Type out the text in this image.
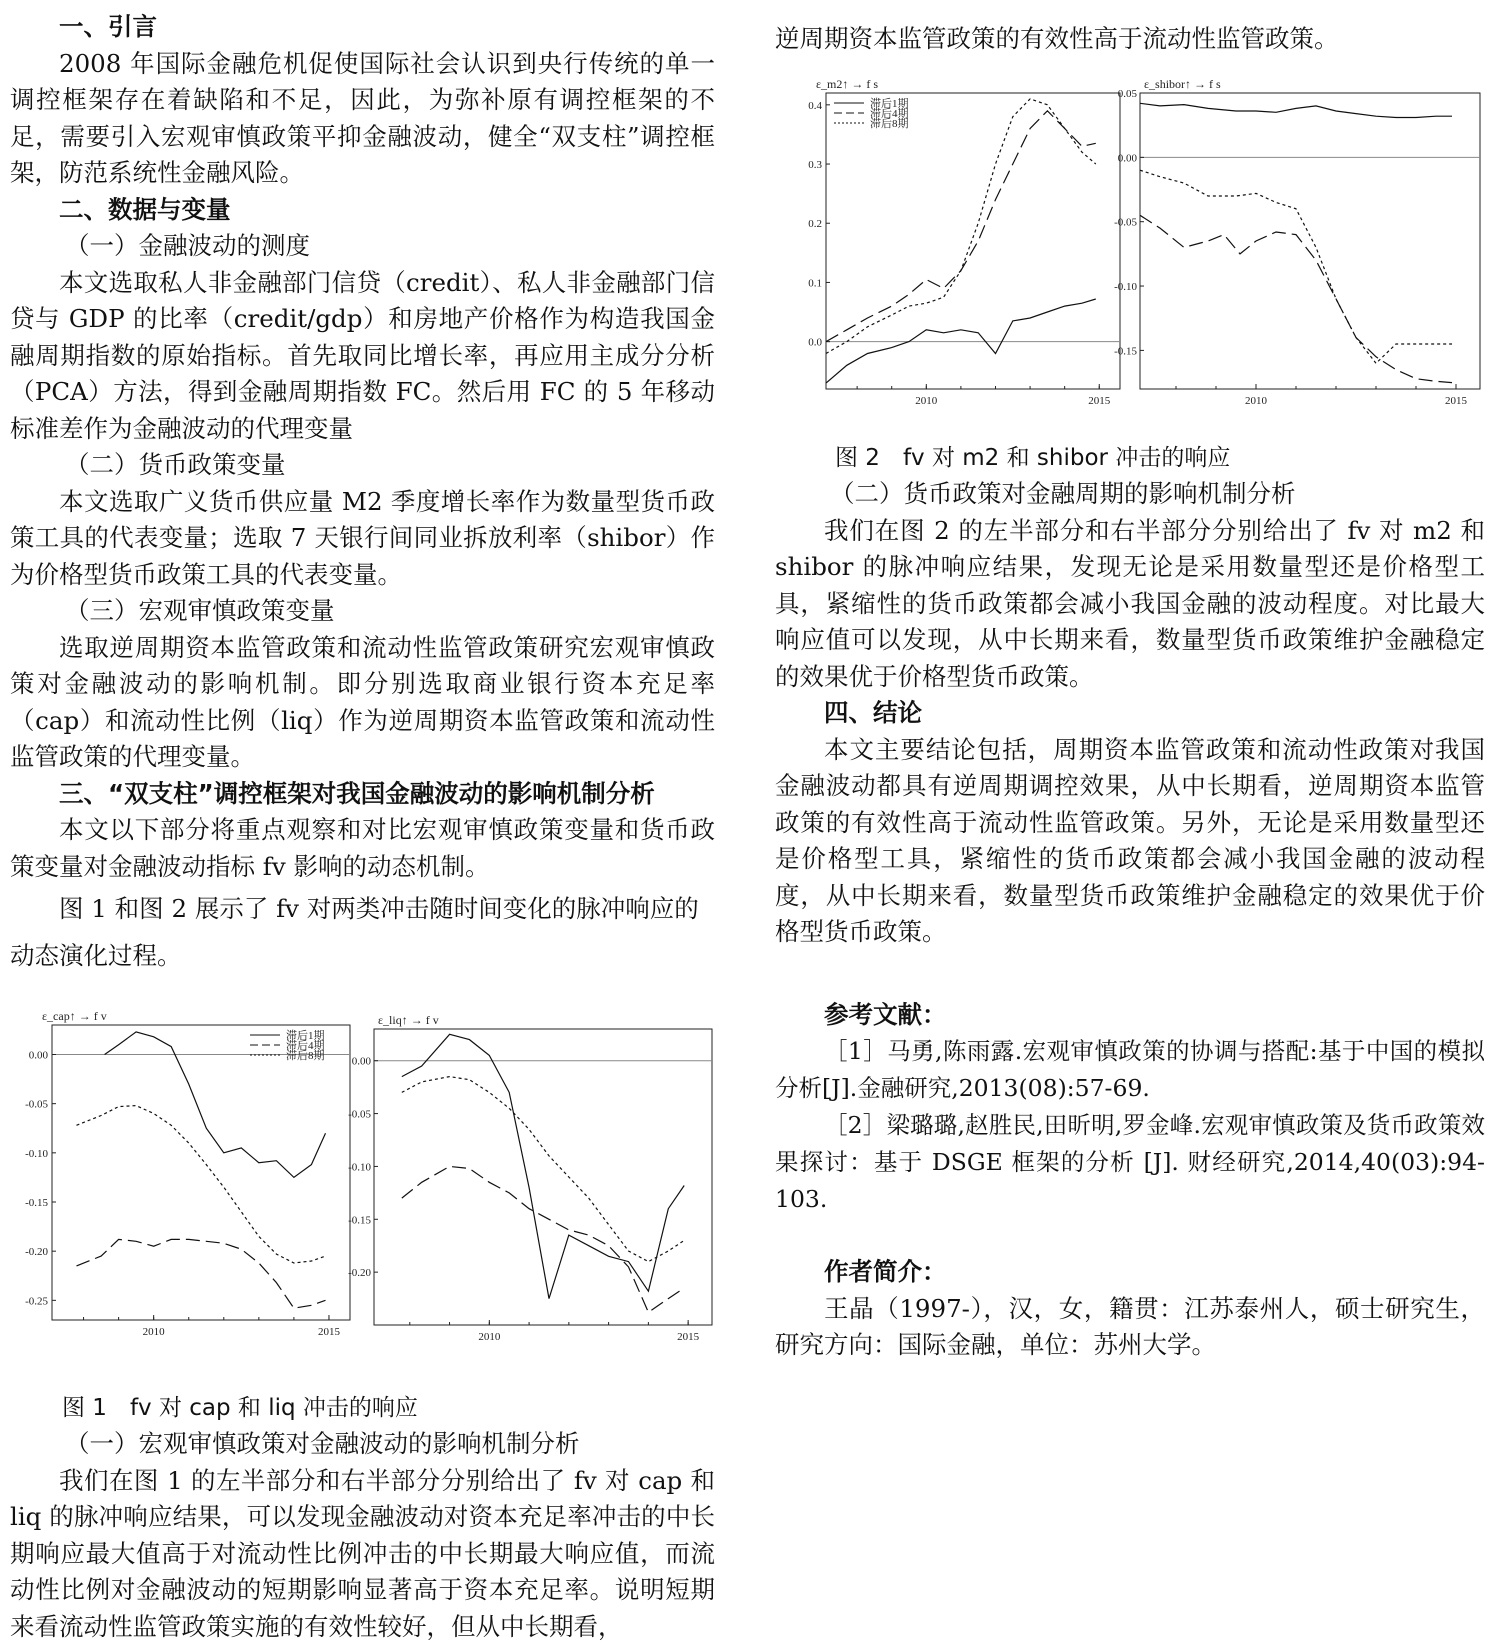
一、引言

2008 年国际金融危机促使国际社会认识到央行传统的单一调控框架存在着缺陷和不足，因此，为弥补原有调控框架的不足，需要引入宏观审慎政策平抑金融波动，健全“双支柱”调控框架，防范系统性金融风险。

二、数据与变量

（一）金融波动的测度

本文选取私人非金融部门信贷（credit）、私人非金融部门信贷与 GDP 的比率（credit/gdp）和房地产价格作为构造我国金融周期指数的原始指标。首先取同比增长率，再应用主成分分析（PCA）方法，得到金融周期指数 FC。然后用 FC 的 5 年移动标准差作为金融波动的代理变量

（二）货币政策变量

本文选取广义货币供应量 M2 季度增长率作为数量型货币政策工具的代表变量；选取 7 天银行间同业拆放利率（shibor）作为价格型货币政策工具的代表变量。

（三）宏观审慎政策变量

选取逆周期资本监管政策和流动性监管政策研究宏观审慎政策对金融波动的影响机制。即分别选取商业银行资本充足率（cap）和流动性比例（liq）作为逆周期资本监管政策和流动性监管政策的代理变量。

三、“双支柱”调控框架对我国金融波动的影响机制分析

本文以下部分将重点观察和对比宏观审慎政策变量和货币政策变量对金融波动指标 fv 影响的动态机制。

图 1 和图 2 展示了 fv 对两类冲击随时间变化的脉冲响应的

动态演化过程。

ε_cap↑ → f v
0.00
-0.05
-0.10
-0.15
-0.20
-0.25
2010	2015
滞后1期
滞后4期
滞后8期
ε_liq↑ → f v
0.00
-0.05
-0.10
-0.15
-0.20
2010	2015

图 1　fv 对 cap 和 liq 冲击的响应

（一）宏观审慎政策对金融波动的影响机制分析

我们在图 1 的左半部分和右半部分分别给出了 fv 对 cap 和 liq 的脉冲响应结果，可以发现金融波动对资本充足率冲击的中长期响应最大值高于对流动性比例冲击的中长期最大响应值，而流动性比例对金融波动的短期影响显著高于资本充足率。说明短期来看流动性监管政策实施的有效性较好，但从中长期看，

逆周期资本监管政策的有效性高于流动性监管政策。

ε_m2↑ → f s
0.4
0.3
0.2
0.1
0.0
2010	2015
滞后1期
滞后4期
滞后8期
ε_shibor↑ → f s
0.05
0.00
-0.05
-0.10
-0.15
2010	2015

图 2　fv 对 m2 和 shibor 冲击的响应

（二）货币政策对金融周期的影响机制分析

我们在图 2 的左半部分和右半部分分别给出了 fv 对 m2 和 shibor 的脉冲响应结果，发现无论是采用数量型还是价格型工具，紧缩性的货币政策都会减小我国金融的波动程度。对比最大响应值可以发现，从中长期来看，数量型货币政策维护金融稳定的效果优于价格型货币政策。

四、结论

本文主要结论包括，周期资本监管政策和流动性政策对我国金融波动都具有逆周期调控效果，从中长期看，逆周期资本监管政策的有效性高于流动性监管政策。另外，无论是采用数量型还是价格型工具，紧缩性的货币政策都会减小我国金融的波动程度，从中长期来看，数量型货币政策维护金融稳定的效果优于价格型货币政策。

参考文献：

［1］马勇,陈雨露.宏观审慎政策的协调与搭配:基于中国的模拟分析[J].金融研究,2013(08):57-69.

［2］梁璐璐,赵胜民,田昕明,罗金峰.宏观审慎政策及货币政策效果探讨：基于 DSGE 框架的分析 [J]. 财经研究,2014,40(03):94-103.

作者简介：

王晶（1997-），汉，女，籍贯：江苏泰州人，硕士研究生，研究方向：国际金融，单位：苏州大学。
